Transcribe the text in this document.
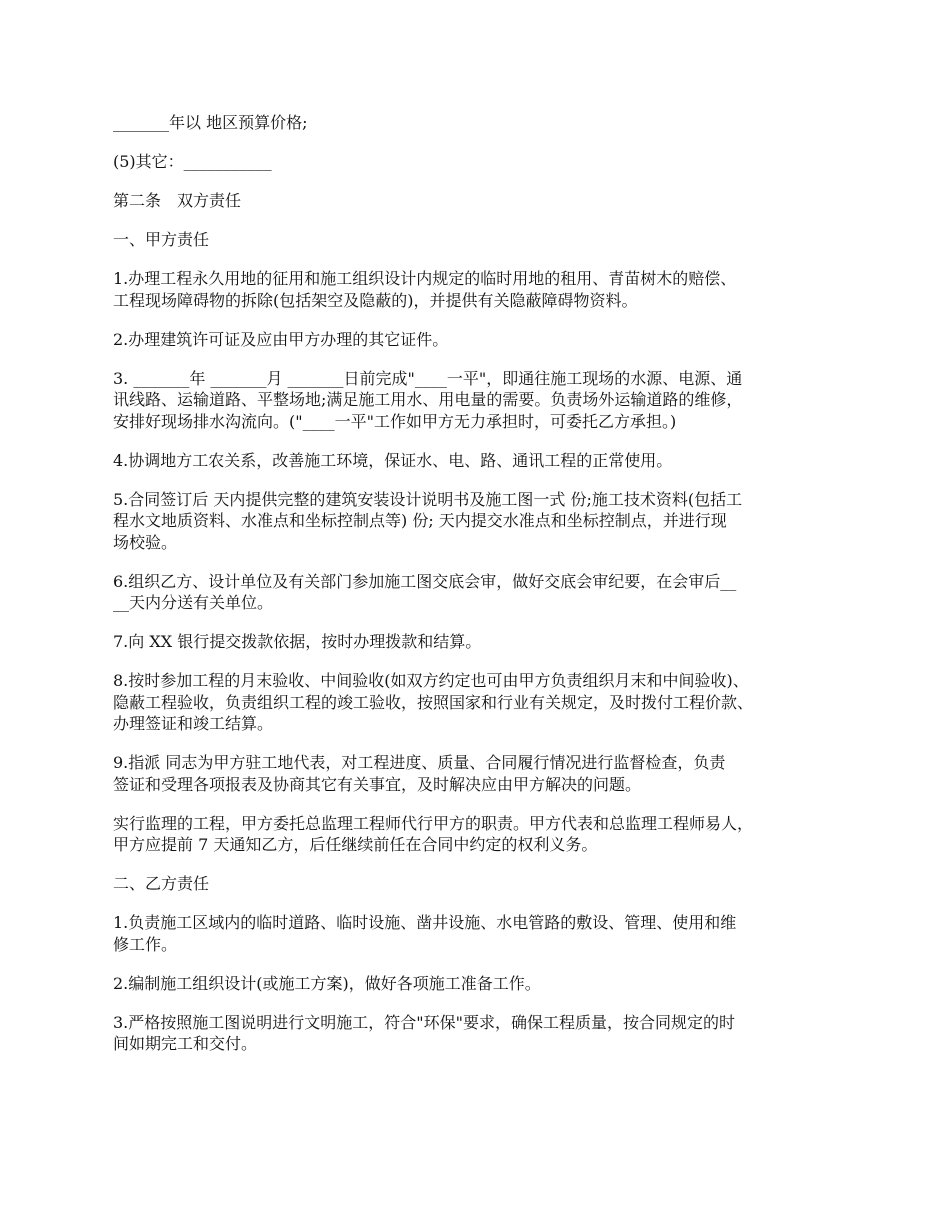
_______年以 地区预算价格;

(5)其它：___________

第二条　双方责任

一、甲方责任

1.办理工程永久用地的征用和施工组织设计内规定的临时用地的租用、青苗树木的赔偿、
工程现场障碍物的拆除(包括架空及隐蔽的)，并提供有关隐蔽障碍物资料。

2.办理建筑许可证及应由甲方办理的其它证件。

3. _______年 _______月 _______日前完成"____一平"，即通往施工现场的水源、电源、通
讯线路、运输道路、平整场地;满足施工用水、用电量的需要。负责场外运输道路的维修，
安排好现场排水沟流向。("____一平"工作如甲方无力承担时，可委托乙方承担。)

4.协调地方工农关系，改善施工环境，保证水、电、路、通讯工程的正常使用。

5.合同签订后 天内提供完整的建筑安装设计说明书及施工图一式 份;施工技术资料(包括工
程水文地质资料、水准点和坐标控制点等) 份; 天内提交水准点和坐标控制点，并进行现
场校验。

6.组织乙方、设计单位及有关部门参加施工图交底会审，做好交底会审纪要，在会审后__
__天内分送有关单位。

7.向 XX 银行提交拨款依据，按时办理拨款和结算。

8.按时参加工程的月末验收、中间验收(如双方约定也可由甲方负责组织月末和中间验收)、
隐蔽工程验收，负责组织工程的竣工验收，按照国家和行业有关规定，及时拨付工程价款、
办理签证和竣工结算。

9.指派 同志为甲方驻工地代表，对工程进度、质量、合同履行情况进行监督检查，负责
签证和受理各项报表及协商其它有关事宜，及时解决应由甲方解决的问题。

实行监理的工程，甲方委托总监理工程师代行甲方的职责。甲方代表和总监理工程师易人，
甲方应提前 7 天通知乙方，后任继续前任在合同中约定的权利义务。

二、乙方责任

1.负责施工区域内的临时道路、临时设施、凿井设施、水电管路的敷设、管理、使用和维
修工作。

2.编制施工组织设计(或施工方案)，做好各项施工准备工作。

3.严格按照施工图说明进行文明施工，符合"环保"要求，确保工程质量，按合同规定的时
间如期完工和交付。
